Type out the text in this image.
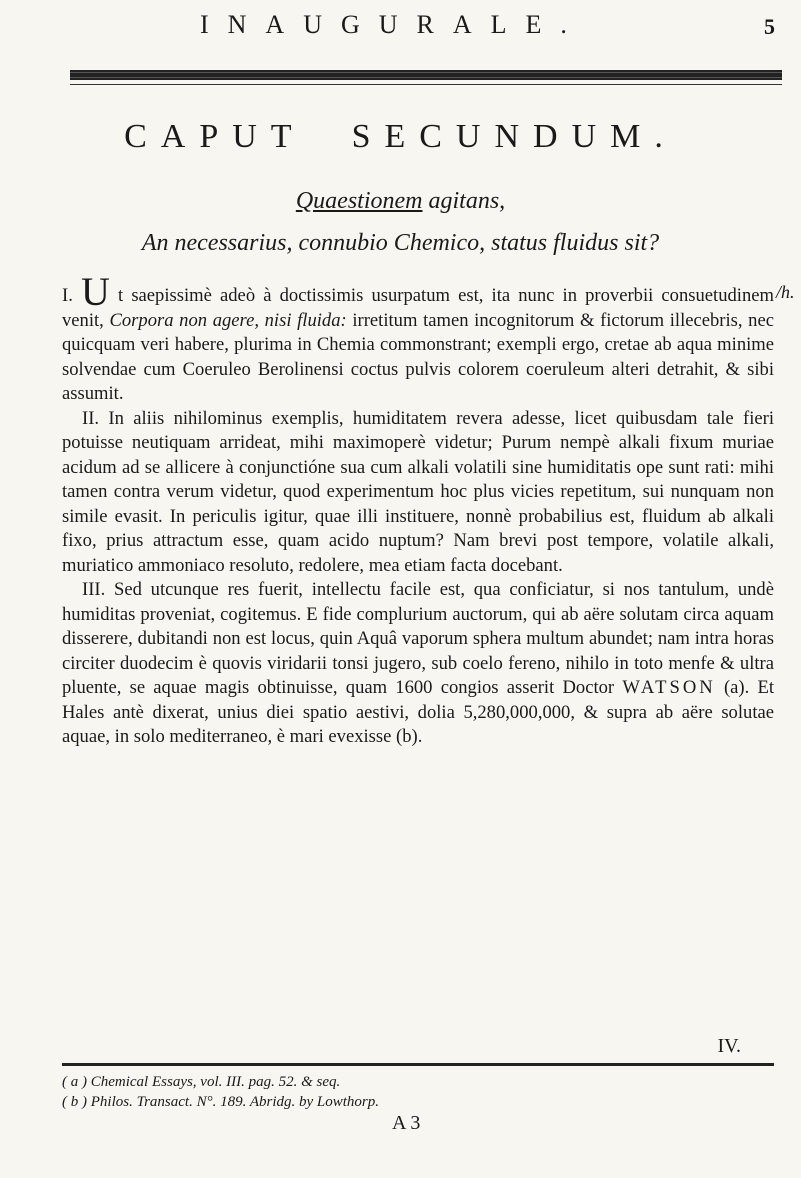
INAUGURALE.	5
CAPUT SECUNDUM.
Quaestionem agitans,
An necessarius, connubio Chemico, status fluidus sit?
/h.

I. U t saepissimè adeò à doctissimis usurpatum est, ita nunc in proverbii consuetudinem venit, Corpora non agere, nisi fluida: irretitum tamen incognitorum & fictorum illecebris, nec quicquam veri habere, plurima in Chemia commonstrant; exempli ergo, cretae ab aqua minime solvendae cum Coeruleo Berolinensi coctus pulvis colorem coeruleum alteri detrahit, & sibi assumit.

II. In aliis nihilominus exemplis, humiditatem revera adesse, licet quibusdam tale fieri potuisse neutiquam arrideat, mihi maximoperè videtur; Purum nempè alkali fixum muriae acidum ad se allicere à conjunctióne sua cum alkali volatili sine humiditatis ope sunt rati: mihi tamen contra verum videtur, quod experimentum hoc plus vicies repetitum, sui nunquam non simile evasit. In periculis igitur, quae illi instituere, nonnè probabilius est, fluidum ab alkali fixo, prius attractum esse, quam acido nuptum? Nam brevi post tempore, volatile alkali, muriatico ammoniaco resoluto, redolere, mea etiam facta docebant.

III. Sed utcunque res fuerit, intellectu facile est, qua conficiatur, si nos tantulum, undè humiditas proveniat, cogitemus. E fide complurium auctorum, qui ab aëre solutam circa aquam disserere, dubitandi non est locus, quin Aquâ vaporum sphera multum abundet; nam intra horas circiter duodecim è quovis viridarii tonsi jugero, sub coelo fereno, nihilo in toto menfe & ultra pluente, se aquae magis obtinuisse, quam 1600 congios asserit Doctor WATSON (a). Et Hales antè dixerat, unius diei spatio aestivi, dolia 5,280,000,000, & supra ab aëre solutae aquae, in solo mediterraneo, è mari evexisse (b).

IV.
( a ) Chemical Essays, vol. III. pag. 52. & seq.
( b ) Philos. Transact. N°. 189. Abridg. by Lowthorp.
A 3
